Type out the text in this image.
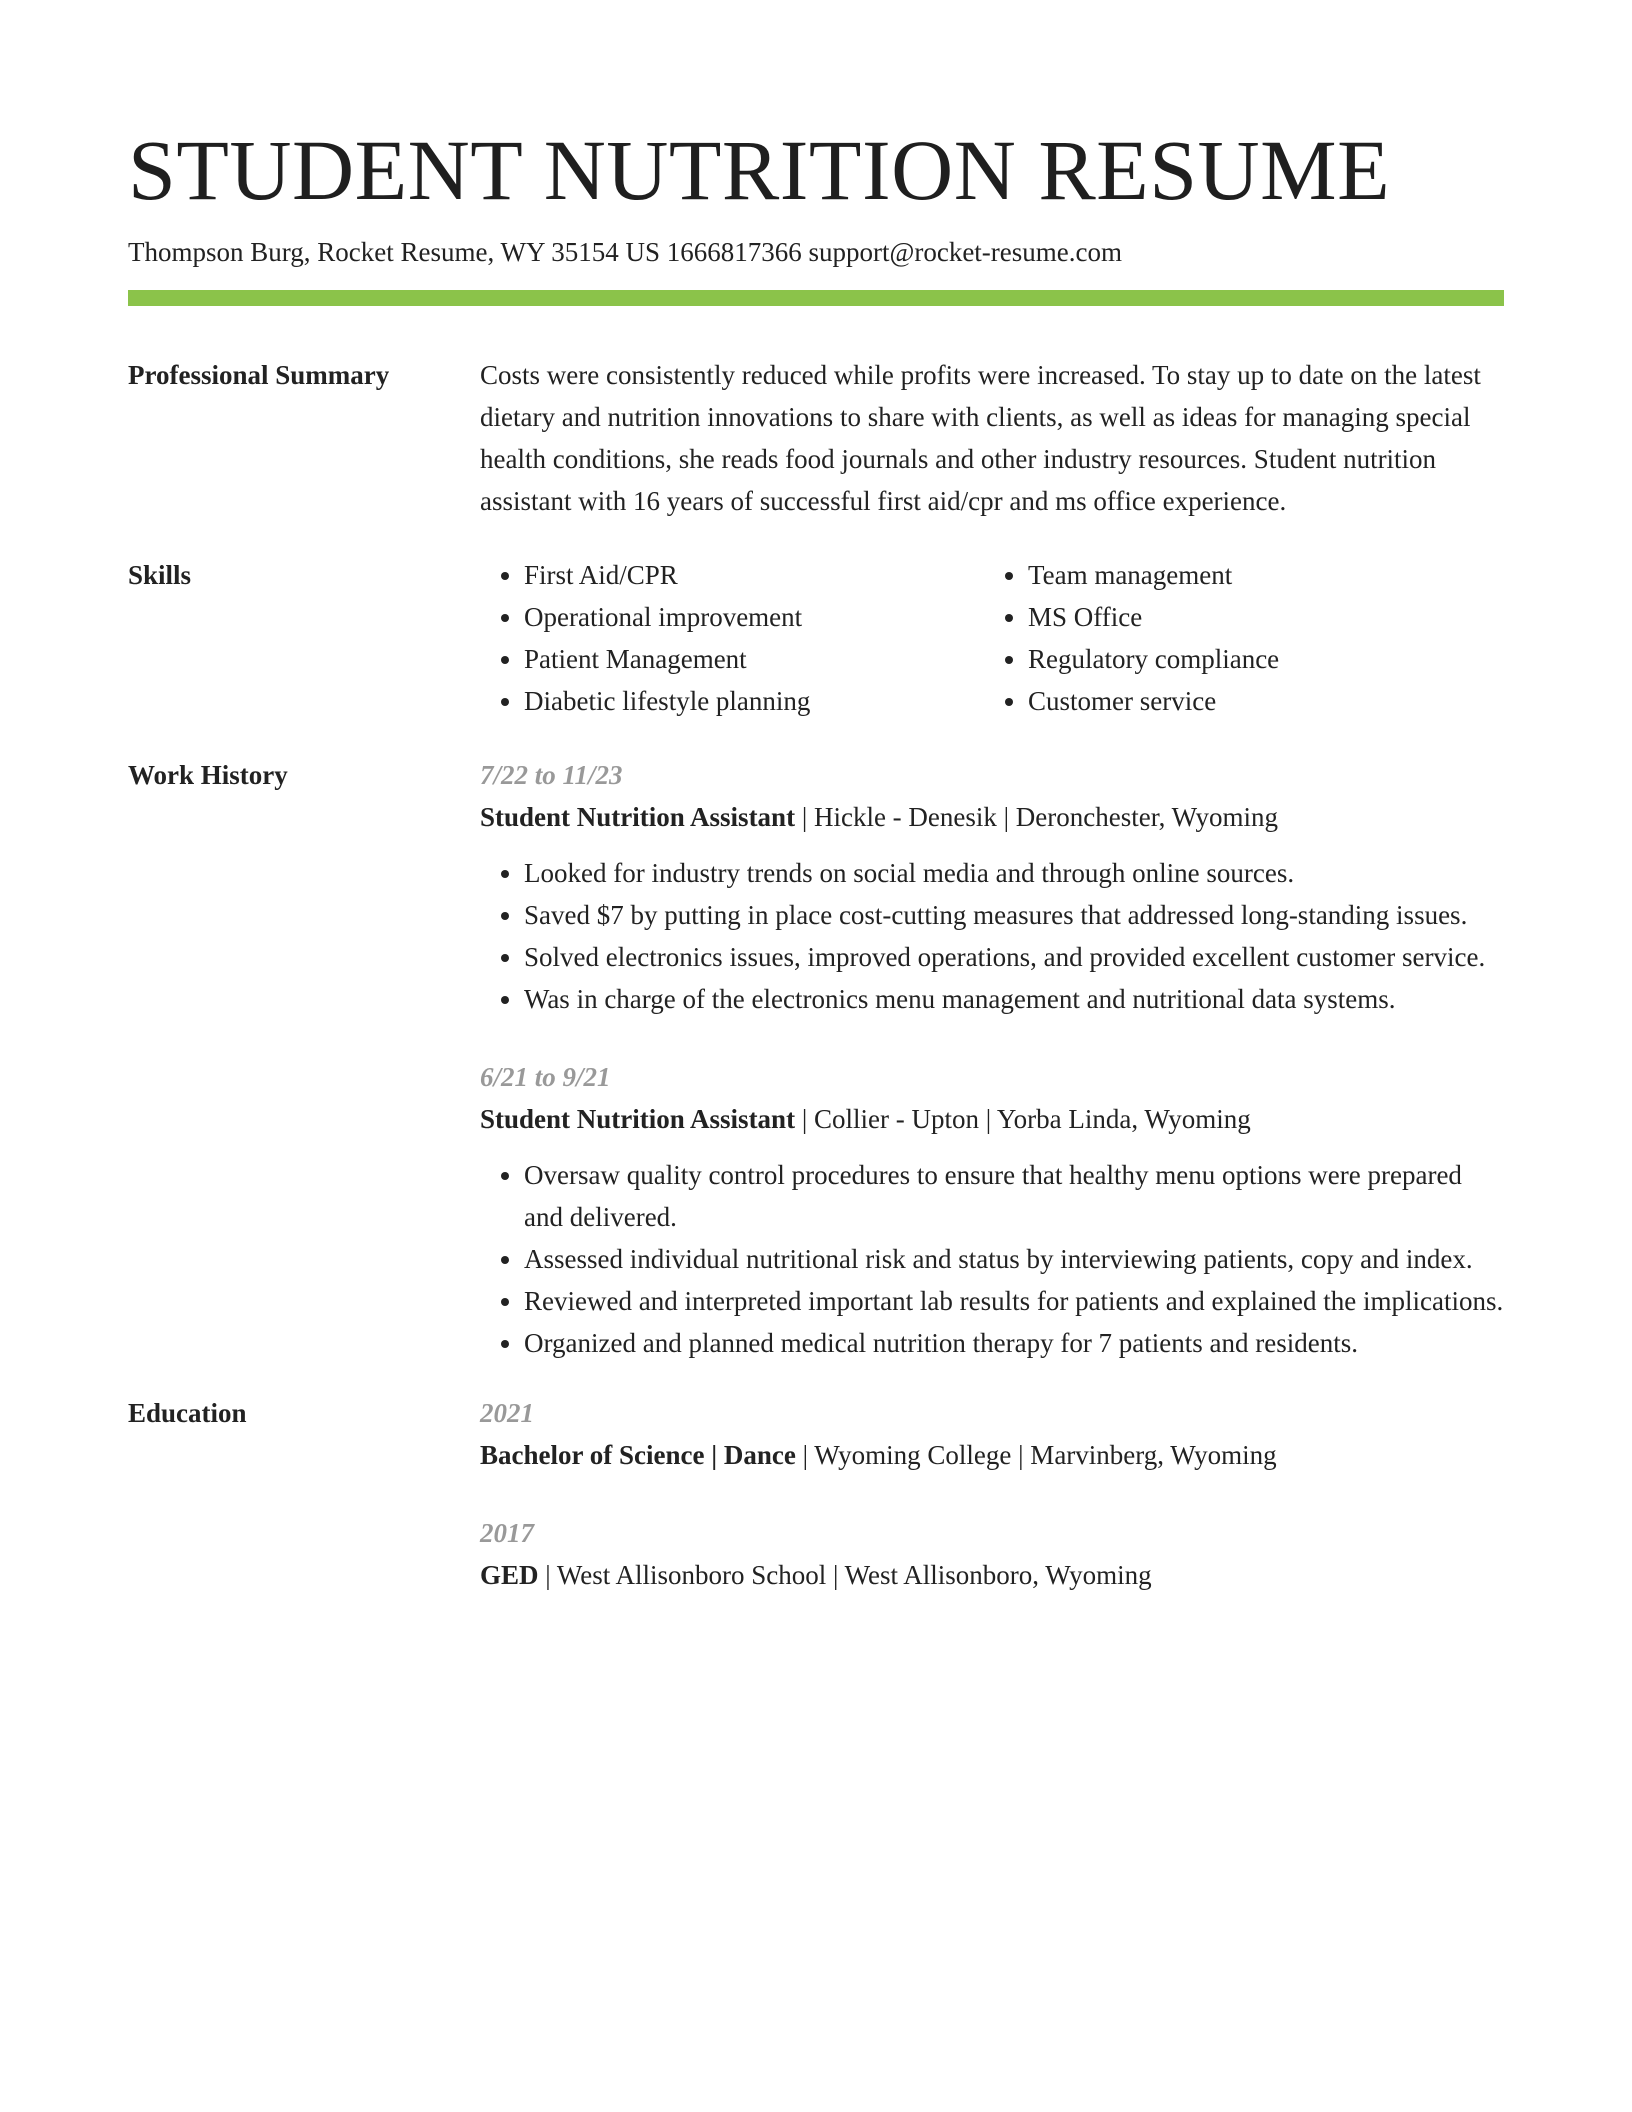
STUDENT NUTRITION RESUME
Thompson Burg, Rocket Resume, WY 35154 US 1666817366 support@rocket-resume.com
Professional Summary	Costs were consistently reduced while profits were increased. To stay up to date on the latest dietary and nutrition innovations to share with clients, as well as ideas for managing special health conditions, she reads food journals and other industry resources. Student nutrition assistant with 16 years of successful first aid/cpr and ms office experience.
Skills
•	First Aid/CPR
• Operational improvement
• Patient Management
• Diabetic lifestyle planning
• Team management
• MS Office
• Regulatory compliance
• Customer service
Work History	7/22 to 11/23
Student Nutrition Assistant | Hickle - Denesik | Deronchester, Wyoming
• Looked for industry trends on social media and through online sources.
• Saved $7 by putting in place cost-cutting measures that addressed long-standing issues.
• Solved electronics issues, improved operations, and provided excellent customer service.
• Was in charge of the electronics menu management and nutritional data systems.
6/21 to 9/21
Student Nutrition Assistant | Collier - Upton | Yorba Linda, Wyoming
• Oversaw quality control procedures to ensure that healthy menu options were prepared and delivered.
• Assessed individual nutritional risk and status by interviewing patients, copy and index.
• Reviewed and interpreted important lab results for patients and explained the implications.
• Organized and planned medical nutrition therapy for 7 patients and residents.
Education	2021
Bachelor of Science | Dance | Wyoming College | Marvinberg, Wyoming
2017
GED | West Allisonboro School | West Allisonboro, Wyoming
